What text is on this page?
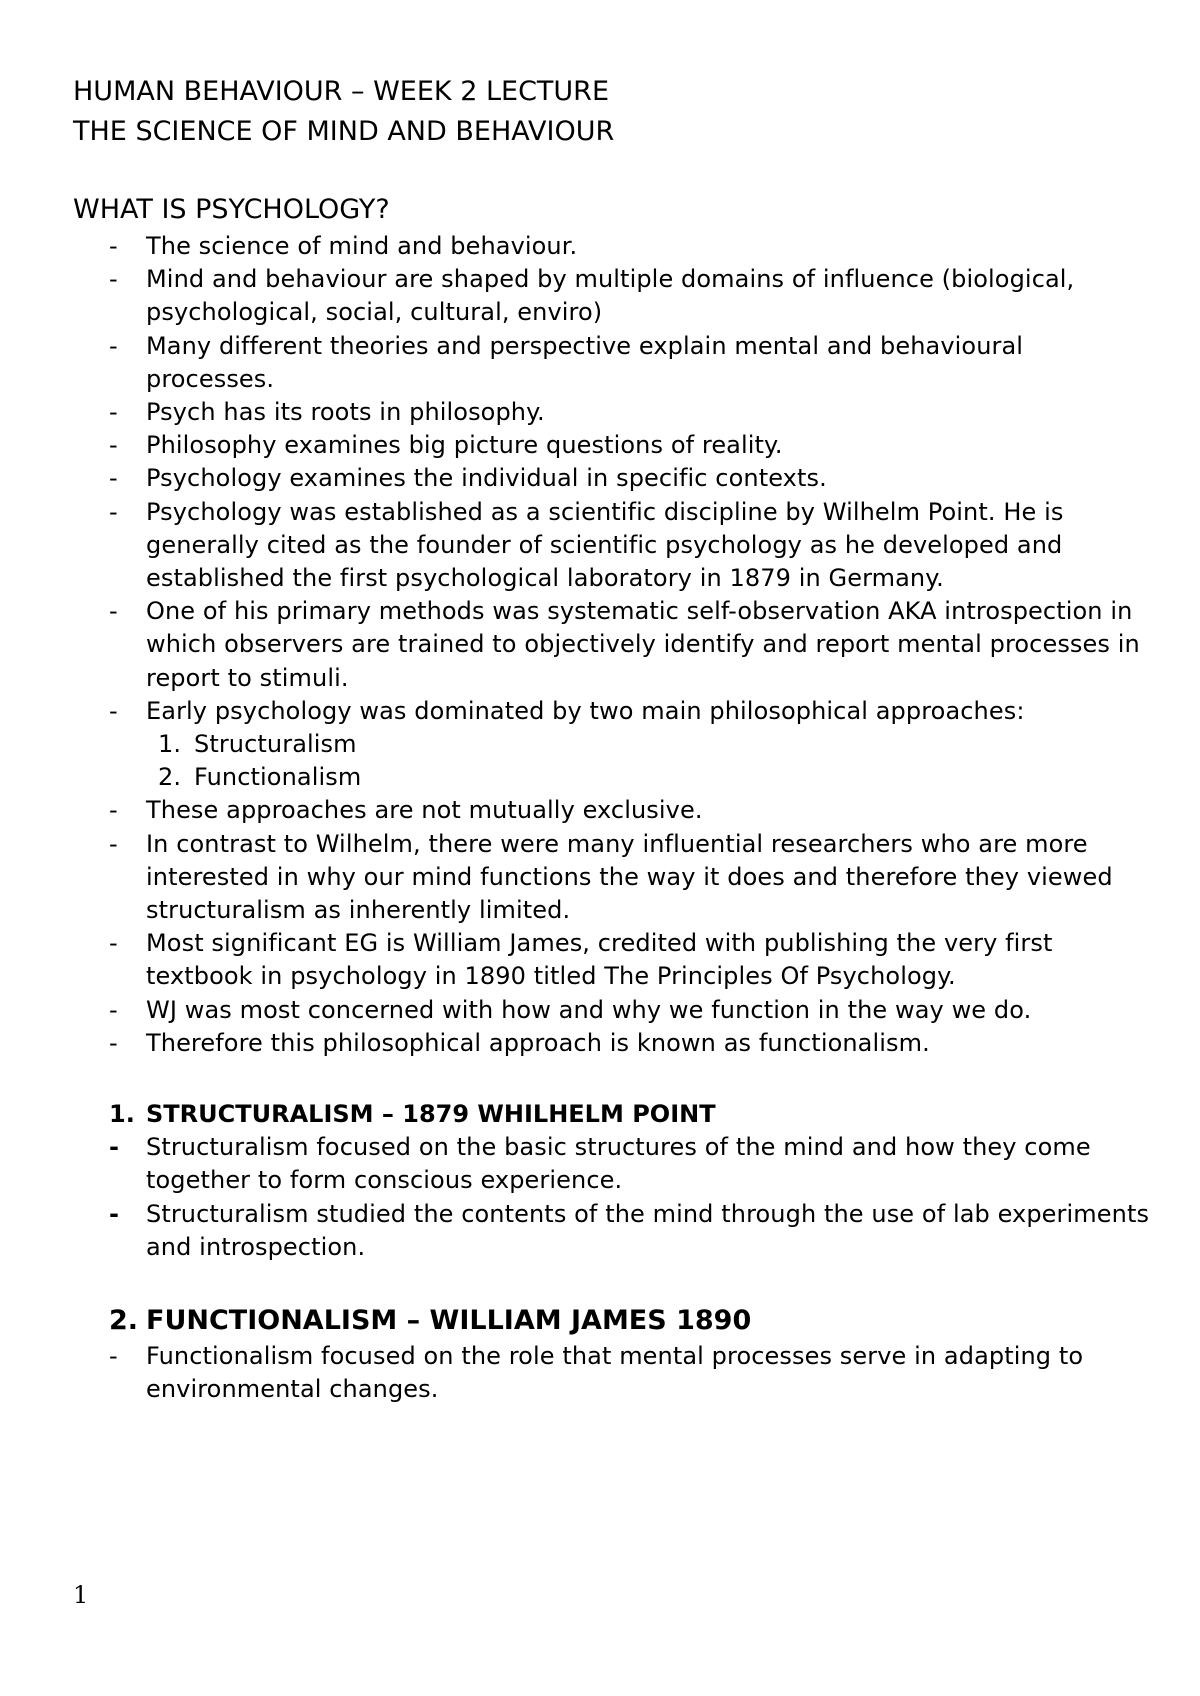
HUMAN BEHAVIOUR – WEEK 2 LECTURE
THE SCIENCE OF MIND AND BEHAVIOUR
WHAT IS PSYCHOLOGY?
- The science of mind and behaviour.
- Mind and behaviour are shaped by multiple domains of influence (biological, psychological, social, cultural, enviro)
- Many different theories and perspective explain mental and behavioural processes.
- Psych has its roots in philosophy.
- Philosophy examines big picture questions of reality.
- Psychology examines the individual in specific contexts.
- Psychology was established as a scientific discipline by Wilhelm Point. He is generally cited as the founder of scientific psychology as he developed and established the first psychological laboratory in 1879 in Germany.
- One of his primary methods was systematic self-observation AKA introspection in which observers are trained to objectively identify and report mental processes in report to stimuli.
- Early psychology was dominated by two main philosophical approaches:
1. Structuralism
2. Functionalism
- These approaches are not mutually exclusive.
- In contrast to Wilhelm, there were many influential researchers who are more interested in why our mind functions the way it does and therefore they viewed structuralism as inherently limited.
- Most significant EG is William James, credited with publishing the very first textbook in psychology in 1890 titled The Principles Of Psychology.
- WJ was most concerned with how and why we function in the way we do.
- Therefore this philosophical approach is known as functionalism.
1. STRUCTURALISM – 1879 WHILHELM POINT
- Structuralism focused on the basic structures of the mind and how they come together to form conscious experience.
- Structuralism studied the contents of the mind through the use of lab experiments and introspection.
2. FUNCTIONALISM – WILLIAM JAMES 1890
- Functionalism focused on the role that mental processes serve in adapting to environmental changes.
1
